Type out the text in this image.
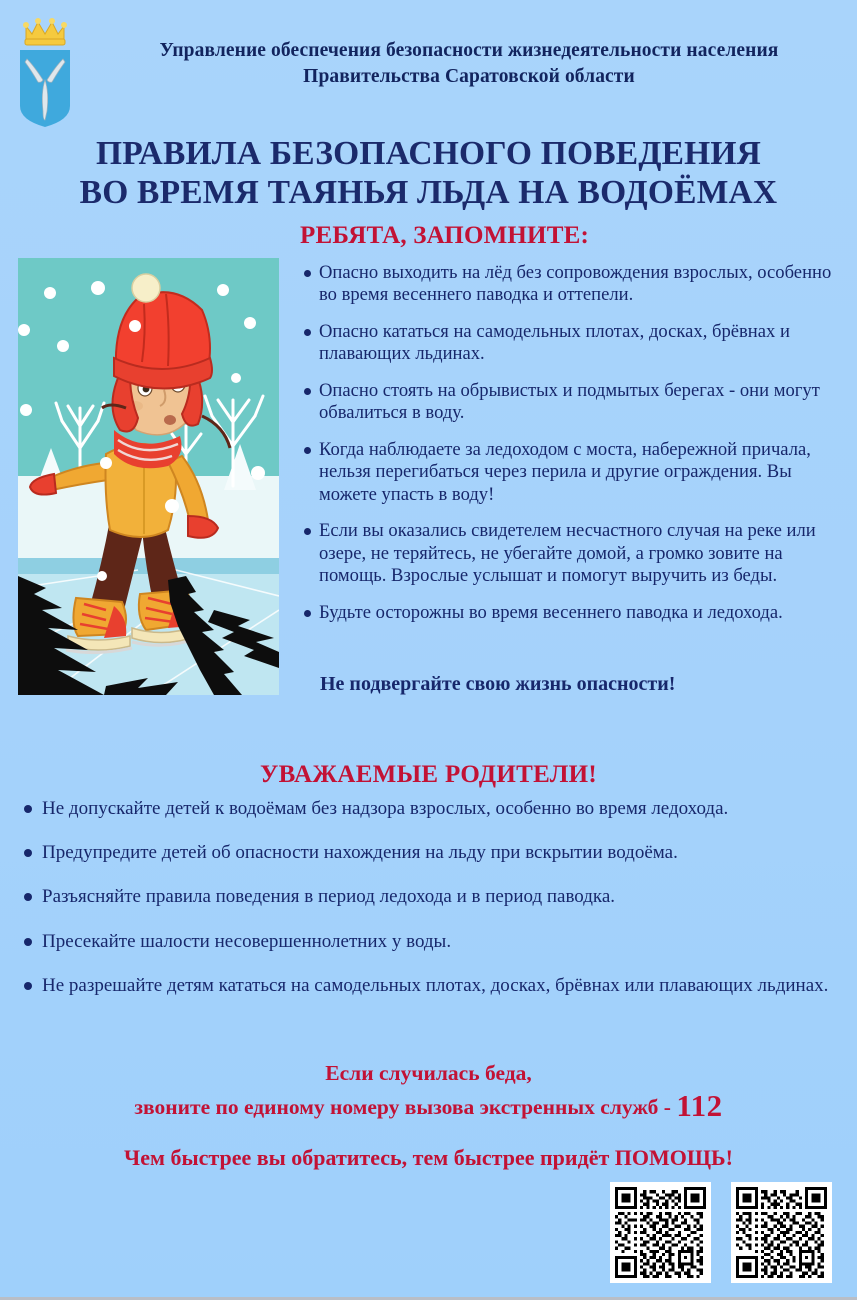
Управление обеспечения безопасности жизнедеятельности населения
Правительства Саратовской области
ПРАВИЛА БЕЗОПАСНОГО ПОВЕДЕНИЯ
ВО ВРЕМЯ ТАЯНЬЯ ЛЬДА НА ВОДОЁМАХ
РЕБЯТА, ЗАПОМНИТЕ:
Опасно выходить на лёд без сопровождения взрослых, особенно во время весеннего паводка и оттепели.
Опасно кататься на самодельных плотах, досках, брёвнах и плавающих льдинах.
Опасно стоять на обрывистых и подмытых берегах - они могут обвалиться в воду.
Когда наблюдаете за ледоходом с моста, набережной причала, нельзя перегибаться через перила и другие ограждения. Вы можете упасть в воду!
Если вы оказались свидетелем несчастного случая на реке или озере, не теряйтесь, не убегайте домой, а громко зовите на помощь. Взрослые услышат и помогут выручить из беды.
Будьте осторожны во время весеннего паводка и ледохода.
Не подвергайте свою жизнь опасности!
УВАЖАЕМЫЕ РОДИТЕЛИ!
Не допускайте детей к водоёмам без надзора взрослых, особенно во время ледохода.
Предупредите детей об опасности нахождения на льду при вскрытии водоёма.
Разъясняйте правила поведения в период ледохода и в период паводка.
Пресекайте шалости несовершеннолетних у воды.
Не разрешайте детям кататься на самодельных плотах, досках, брёвнах или плавающих льдинах.
Если случилась беда,
звоните по единому номеру вызова экстренных служб - 112
Чем быстрее вы обратитесь, тем быстрее придёт ПОМОЩЬ!
